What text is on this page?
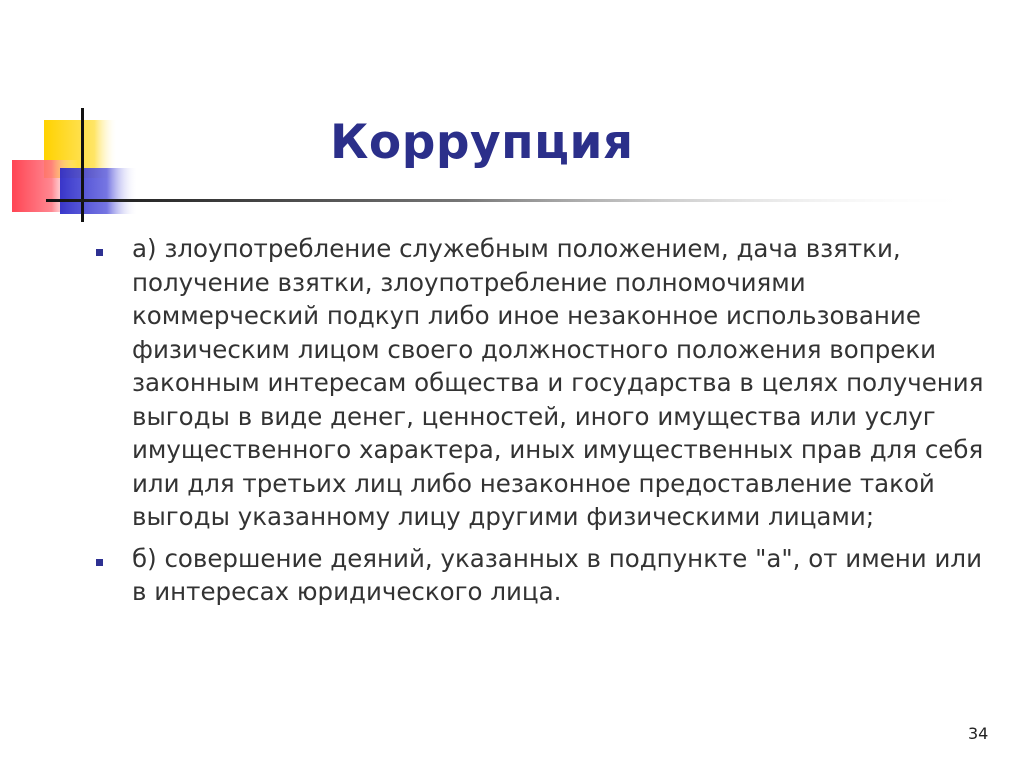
Коррупция
а) злоупотребление служебным положением, дача взятки, получение взятки, злоупотребление полномочиями коммерческий подкуп либо иное незаконное использование физическим лицом своего должностного положения вопреки законным интересам общества и государства в целях получения выгоды в виде денег, ценностей, иного имущества или услуг имущественного характера, иных имущественных прав для себя или для третьих лиц либо незаконное предоставление такой выгоды указанному лицу другими физическими лицами;
б) совершение деяний, указанных в подпункте "а", от имени или в интересах юридического лица.
34
